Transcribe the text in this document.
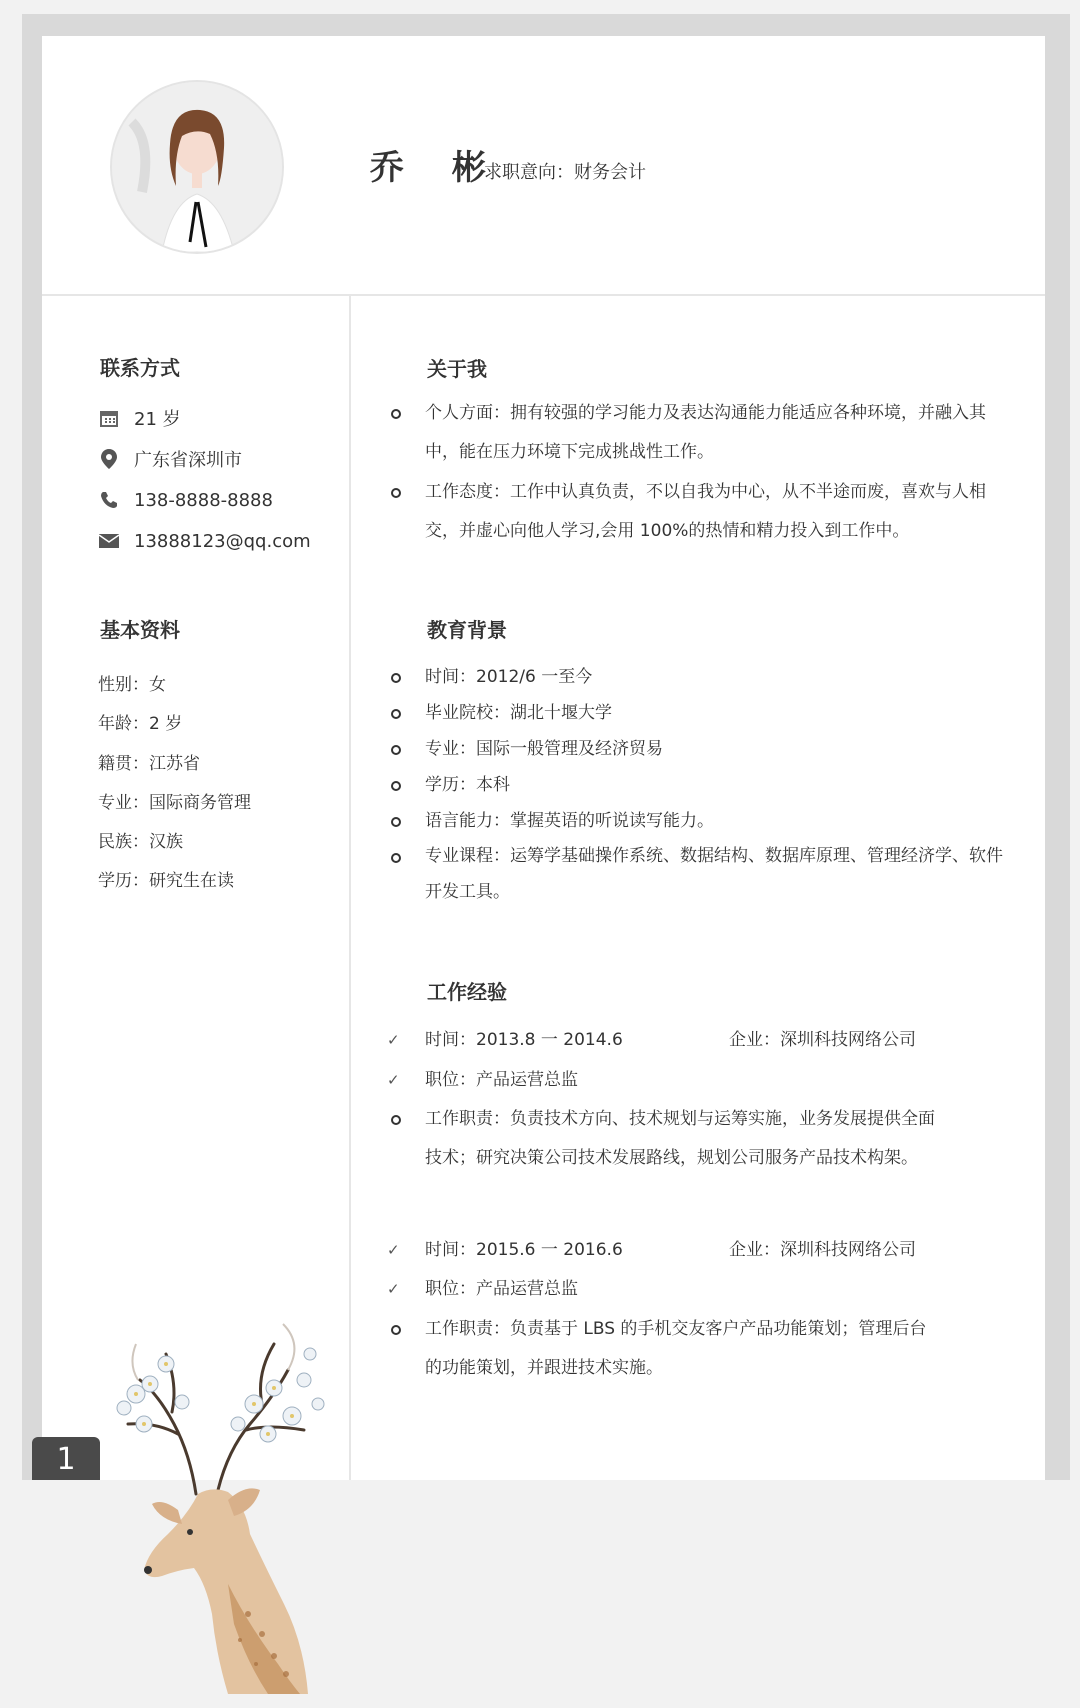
乔 彬
求职意向：财务会计
联系方式
21 岁
广东省深圳市
138-8888-8888
13888123@qq.com
基本资料
性别：女
年龄：2 岁
籍贯：江苏省
专业：国际商务管理
民族：汉族
学历：研究生在读
关于我
个人方面：拥有较强的学习能力及表达沟通能力能适应各种环境，并融入其中，能在压力环境下完成挑战性工作。
工作态度：工作中认真负责，不以自我为中心，从不半途而废，喜欢与人相交，并虚心向他人学习,会用 100%的热情和精力投入到工作中。
教育背景
时间：2012/6 一至今
毕业院校：湖北十堰大学
专业：国际一般管理及经济贸易
学历：本科
语言能力：掌握英语的听说读写能力。
专业课程：运筹学基础操作系统、数据结构、数据库原理、管理经济学、软件开发工具。
工作经验
✓ 时间：2013.8 一 2014.6	企业：深圳科技网络公司
✓ 职位：产品运营总监
工作职责：负责技术方向、技术规划与运筹实施，业务发展提供全面技术；研究决策公司技术发展路线，规划公司服务产品技术构架。
✓ 时间：2015.6 一 2016.6	企业：深圳科技网络公司
✓ 职位：产品运营总监
工作职责：负责基于 LBS 的手机交友客户产品功能策划；管理后台的功能策划，并跟进技术实施。
1
